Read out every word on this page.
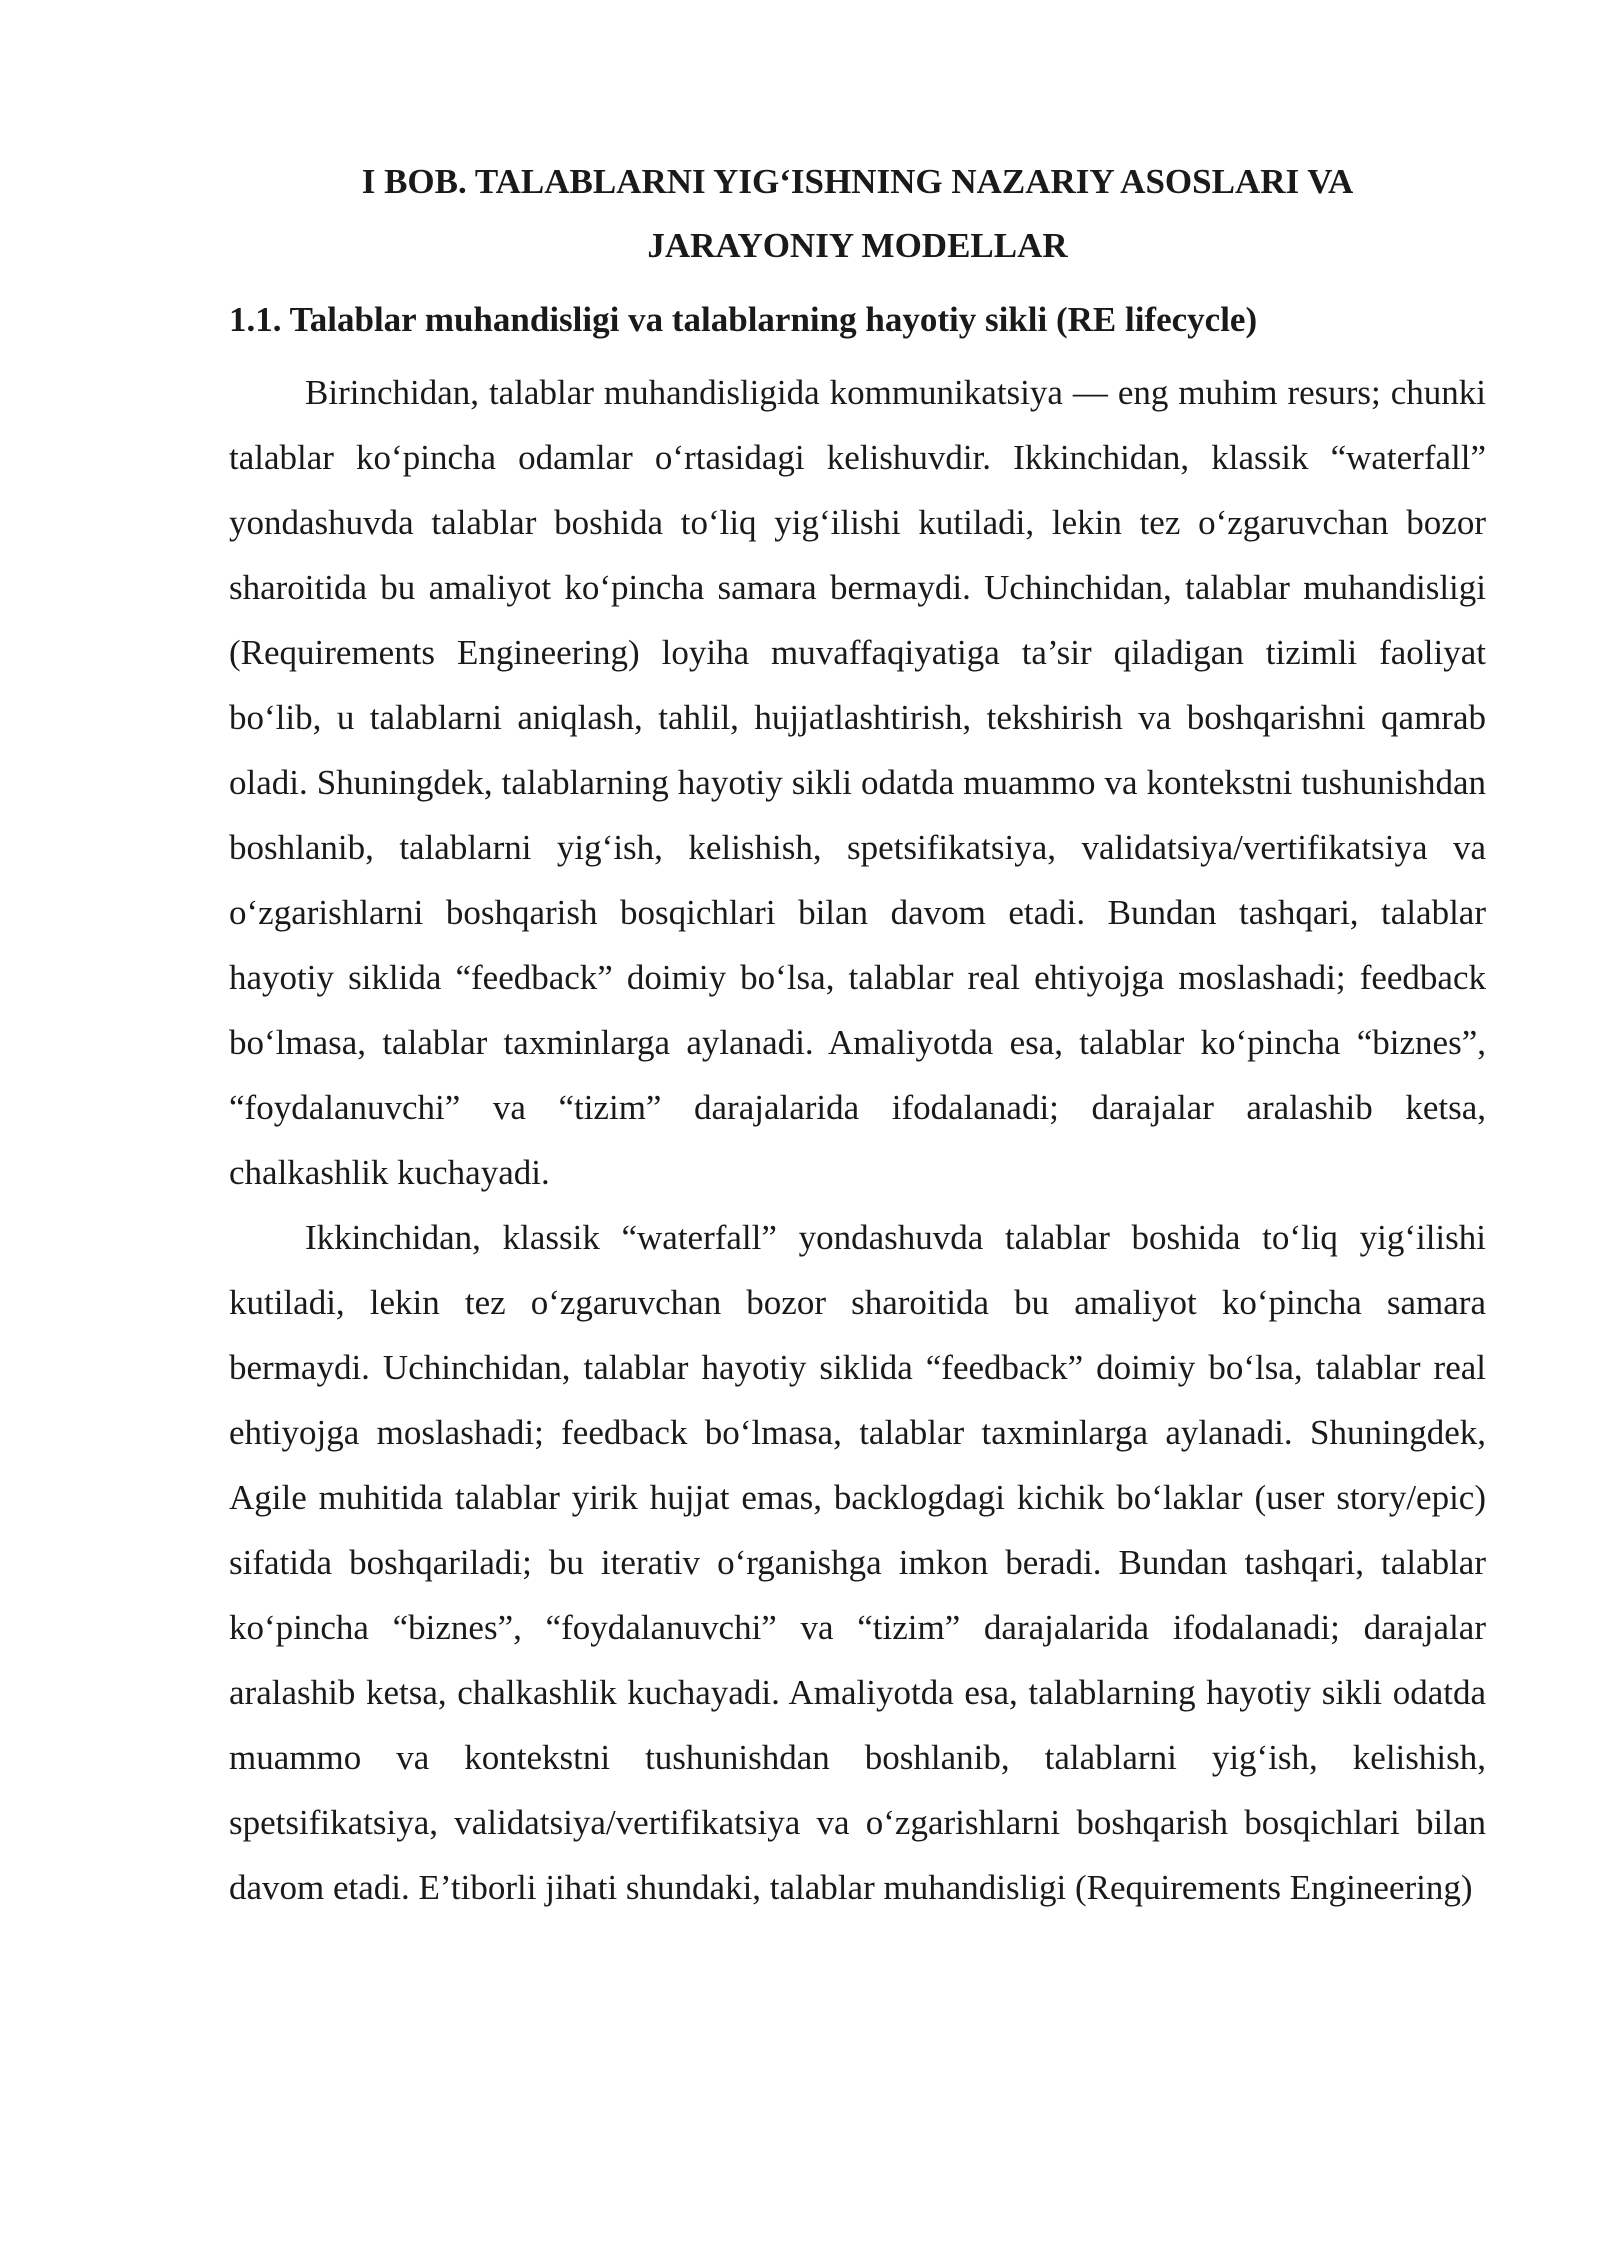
I BOB. TALABLARNI YIG‘ISHNING NAZARIY ASOSLARI VA
JARAYONIY MODELLAR
1.1. Talablar muhandisligi va talablarning hayotiy sikli (RE lifecycle)

Birinchidan, talablar muhandisligida kommunikatsiya — eng muhim resurs; chunki talablar ko‘pincha odamlar o‘rtasidagi kelishuvdir. Ikkinchidan, klassik “waterfall” yondashuvda talablar boshida to‘liq yig‘ilishi kutiladi, lekin tez o‘zgaruvchan bozor sharoitida bu amaliyot ko‘pincha samara bermaydi. Uchinchidan, talablar muhandisligi (Requirements Engineering) loyiha muvaffaqiyatiga ta’sir qiladigan tizimli faoliyat bo‘lib, u talablarni aniqlash, tahlil, hujjatlashtirish, tekshirish va boshqarishni qamrab oladi. Shuningdek, talablarning hayotiy sikli odatda muammo va kontekstni tushunishdan boshlanib, talablarni yig‘ish, kelishish, spetsifikatsiya, validatsiya/vertifikatsiya va o‘zgarishlarni boshqarish bosqichlari bilan davom etadi. Bundan tashqari, talablar hayotiy siklida “feedback” doimiy bo‘lsa, talablar real ehtiyojga moslashadi; feedback bo‘lmasa, talablar taxminlarga aylanadi. Amaliyotda esa, talablar ko‘pincha “biznes”, “foydalanuvchi” va “tizim” darajalarida ifodalanadi; darajalar aralashib ketsa, chalkashlik kuchayadi.

Ikkinchidan, klassik “waterfall” yondashuvda talablar boshida to‘liq yig‘ilishi kutiladi, lekin tez o‘zgaruvchan bozor sharoitida bu amaliyot ko‘pincha samara bermaydi. Uchinchidan, talablar hayotiy siklida “feedback” doimiy bo‘lsa, talablar real ehtiyojga moslashadi; feedback bo‘lmasa, talablar taxminlarga aylanadi. Shuningdek, Agile muhitida talablar yirik hujjat emas, backlogdagi kichik bo‘laklar (user story/epic) sifatida boshqariladi; bu iterativ o‘rganishga imkon beradi. Bundan tashqari, talablar ko‘pincha “biznes”, “foydalanuvchi” va “tizim” darajalarida ifodalanadi; darajalar aralashib ketsa, chalkashlik kuchayadi. Amaliyotda esa, talablarning hayotiy sikli odatda muammo va kontekstni tushunishdan boshlanib, talablarni yig‘ish, kelishish, spetsifikatsiya, validatsiya/vertifikatsiya va o‘zgarishlarni boshqarish bosqichlari bilan davom etadi. E’tiborli jihati shundaki, talablar muhandisligi (Requirements Engineering)
